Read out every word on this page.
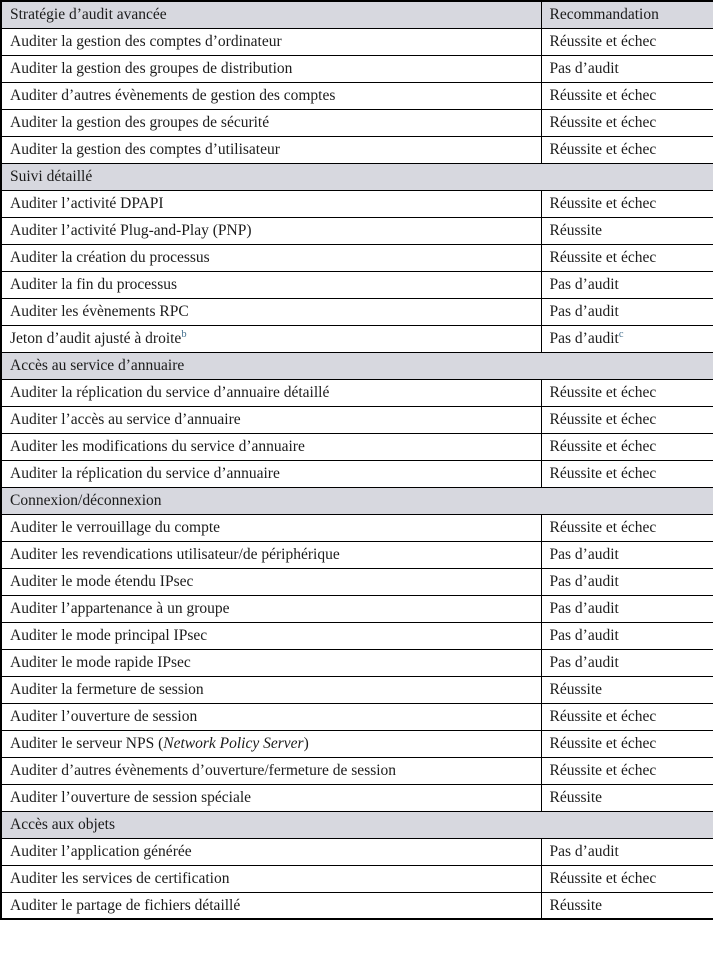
Stratégie d’audit avancée	Recommandation
Auditer la gestion des comptes d’ordinateur	Réussite et échec
Auditer la gestion des groupes de distribution	Pas d’audit
Auditer d’autres évènements de gestion des comptes	Réussite et échec
Auditer la gestion des groupes de sécurité	Réussite et échec
Auditer la gestion des comptes d’utilisateur	Réussite et échec
Suivi détaillé	
Auditer l’activité DPAPI	Réussite et échec
Auditer l’activité Plug-and-Play (PNP)	Réussite
Auditer la création du processus	Réussite et échec
Auditer la fin du processus	Pas d’audit
Auditer les évènements RPC	Pas d’audit
Jeton d’audit ajusté à droite$^b$	Pas d’audit$^c$
Accès au service d’annuaire	
Auditer la réplication du service d’annuaire détaillé	Réussite et échec
Auditer l’accès au service d’annuaire	Réussite et échec
Auditer les modifications du service d’annuaire	Réussite et échec
Auditer la réplication du service d’annuaire	Réussite et échec
Connexion/déconnexion	
Auditer le verrouillage du compte	Réussite et échec
Auditer les revendications utilisateur/de périphérique	Pas d’audit
Auditer le mode étendu IPsec	Pas d’audit
Auditer l’appartenance à un groupe	Pas d’audit
Auditer le mode principal IPsec	Pas d’audit
Auditer le mode rapide IPsec	Pas d’audit
Auditer la fermeture de session	Réussite
Auditer l’ouverture de session	Réussite et échec
Auditer le serveur NPS (Network Policy Server)	Réussite et échec
Auditer d’autres évènements d’ouverture/fermeture de session	Réussite et échec
Auditer l’ouverture de session spéciale	Réussite
Accès aux objets	
Auditer l’application générée	Pas d’audit
Auditer les services de certification	Réussite et échec
Auditer le partage de fichiers détaillé	Réussite
